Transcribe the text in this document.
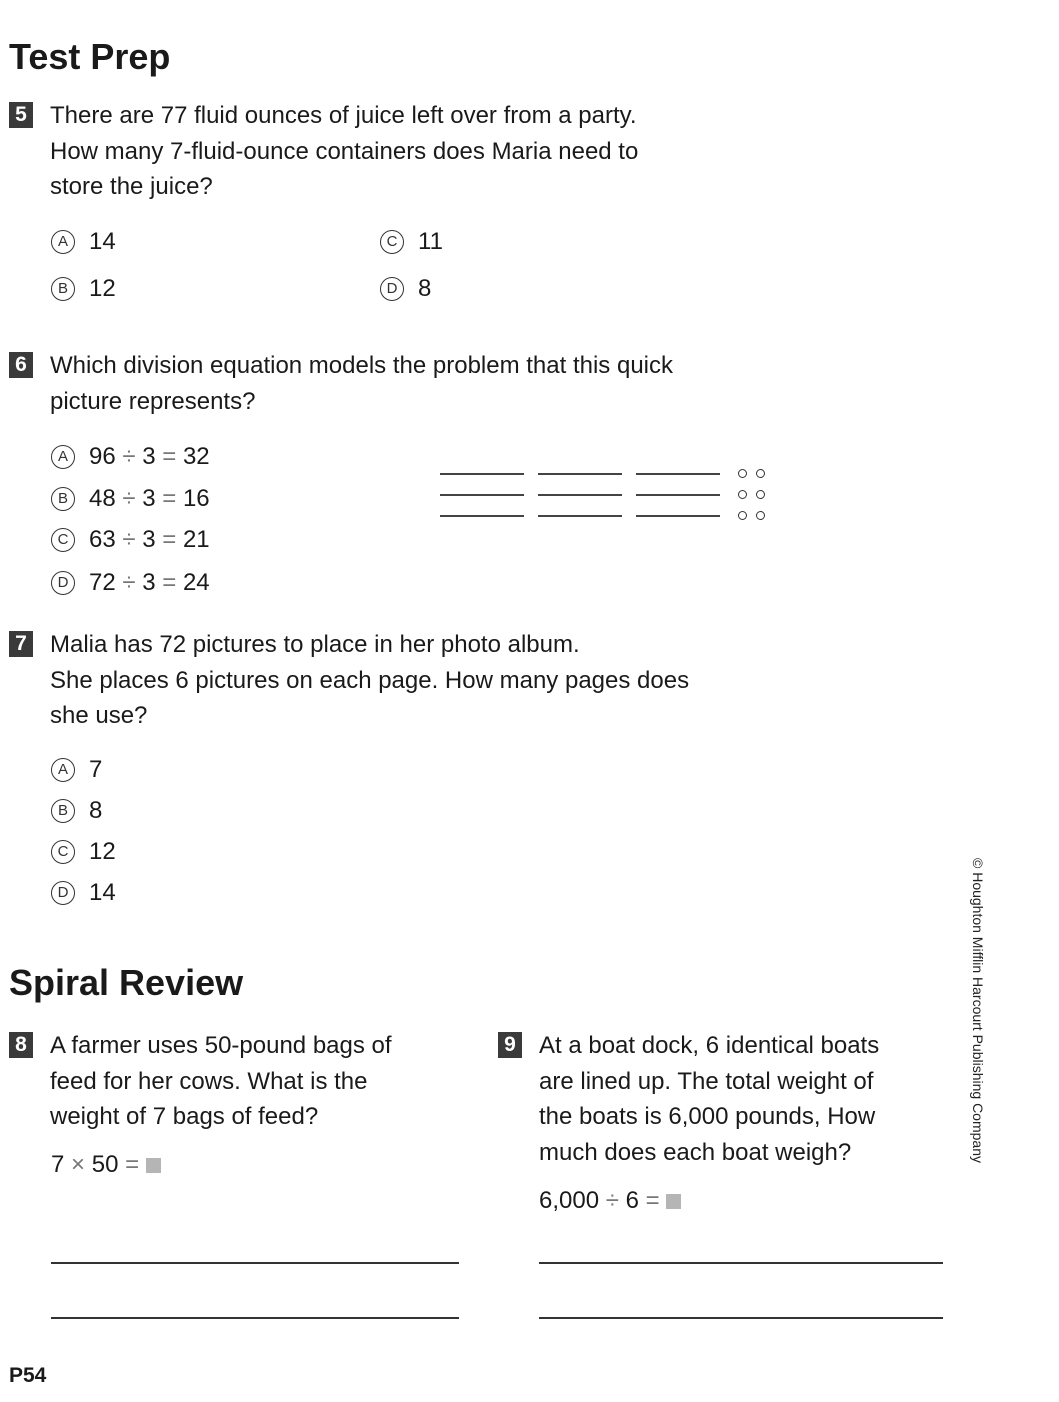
Test Prep
5 There are 77 fluid ounces of juice left over from a party.
How many 7-fluid-ounce containers does Maria need to
store the juice?
A 14
B 12
C 11
D 8
6 Which division equation models the problem that this quick
picture represents?
A 96 ÷ 3 = 32
B 48 ÷ 3 = 16
C 63 ÷ 3 = 21
D 72 ÷ 3 = 24
7 Malia has 72 pictures to place in her photo album.
She places 6 pictures on each page. How many pages does
she use?
A 7
B 8
C 12
D 14
Spiral Review
8 A farmer uses 50-pound bags of
feed for her cows. What is the
weight of 7 bags of feed?
7 × 50 =
9 At a boat dock, 6 identical boats
are lined up. The total weight of
the boats is 6,000 pounds, How
much does each boat weigh?
6,000 ÷ 6 =
© Houghton Mifflin Harcourt Publishing Company
P54
